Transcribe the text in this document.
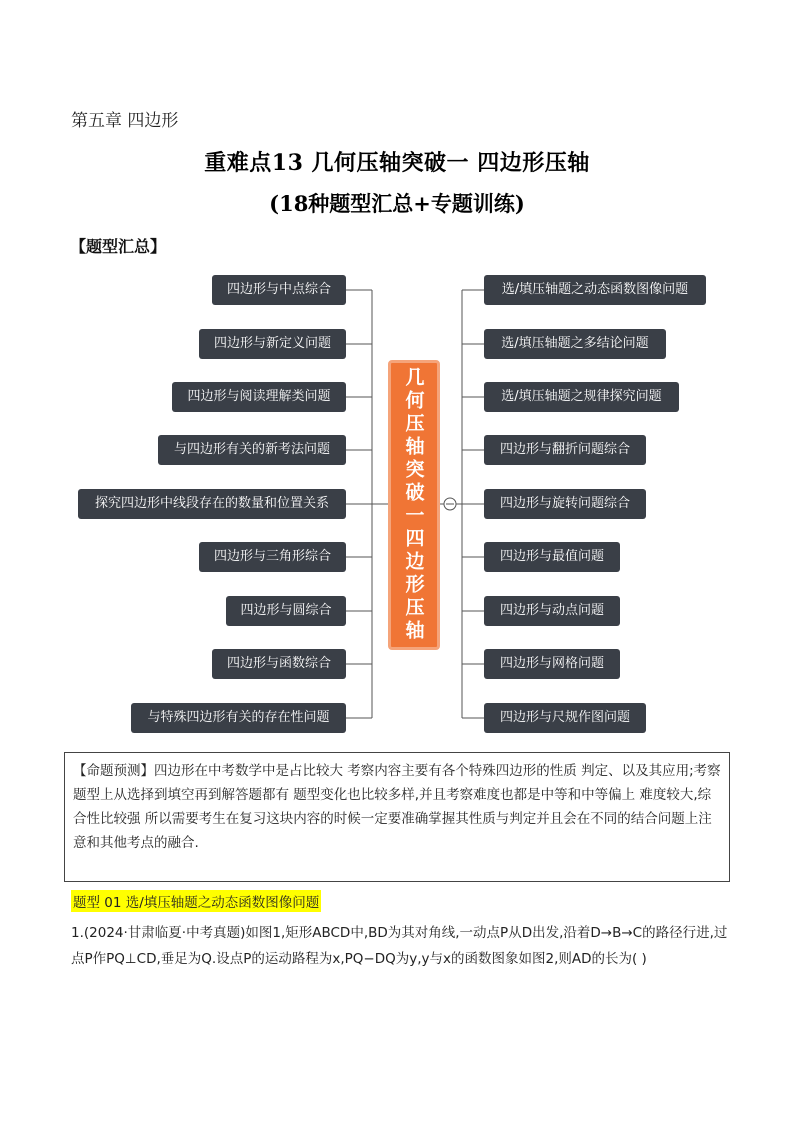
第五章 四边形
重难点13 几何压轴突破一 四边形压轴
(18种题型汇总+专题训练)
【题型汇总】
四边形与中点综合
四边形与新定义问题
四边形与阅读理解类问题
与四边形有关的新考法问题
探究四边形中线段存在的数量和位置关系
四边形与三角形综合
四边形与圆综合
四边形与函数综合
与特殊四边形有关的存在性问题
几何压轴突破一四边形压轴
选/填压轴题之动态函数图像问题
选/填压轴题之多结论问题
选/填压轴题之规律探究问题
四边形与翻折问题综合
四边形与旋转问题综合
四边形与最值问题
四边形与动点问题
四边形与网格问题
四边形与尺规作图问题
【命题预测】四边形在中考数学中是占比较大 考察内容主要有各个特殊四边形的性质 判定、以及其应用;考察题型上从选择到填空再到解答题都有 题型变化也比较多样,并且考察难度也都是中等和中等偏上 难度较大,综合性比较强 所以需要考生在复习这块内容的时候一定要准确掌握其性质与判定并且会在不同的结合问题上注意和其他考点的融合.
题型 01 选/填压轴题之动态函数图像问题
1.(2024·甘肃临夏·中考真题)如图1,矩形ABCD中,BD为其对角线,一动点P从D出发,沿着D→B→C的路径行进,过点P作PQ⊥CD,垂足为Q.设点P的运动路程为x,PQ−DQ为y,y与x的函数图象如图2,则AD的长为( )
